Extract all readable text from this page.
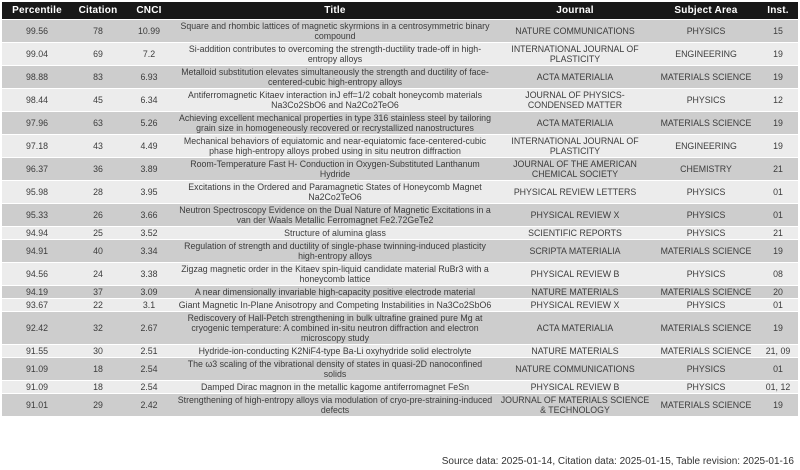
Percentile	Citation	CNCI	Title	Journal	Subject Area	Inst.
99.56	78	10.99	Square and rhombic lattices of magnetic skyrmions in a centrosymmetric binary compound	NATURE COMMUNICATIONS	PHYSICS	15
99.04	69	7.2	Si-addition contributes to overcoming the strength-ductility trade-off in high-entropy alloys	INTERNATIONAL JOURNAL OF PLASTICITY	ENGINEERING	19
98.88	83	6.93	Metalloid substitution elevates simultaneously the strength and ductility of face-centered-cubic high-entropy alloys	ACTA MATERIALIA	MATERIALS SCIENCE	19
98.44	45	6.34	Antiferromagnetic Kitaev interaction inJ eff=1/2 cobalt honeycomb materials Na3Co2SbO6 and Na2Co2TeO6	JOURNAL OF PHYSICS-CONDENSED MATTER	PHYSICS	12
97.96	63	5.26	Achieving excellent mechanical properties in type 316 stainless steel by tailoring grain size in homogeneously recovered or recrystallized nanostructures	ACTA MATERIALIA	MATERIALS SCIENCE	19
97.18	43	4.49	Mechanical behaviors of equiatomic and near-equiatomic face-centered-cubic phase high-entropy alloys probed using in situ neutron diffraction	INTERNATIONAL JOURNAL OF PLASTICITY	ENGINEERING	19
96.37	36	3.89	Room-Temperature Fast H- Conduction in Oxygen-Substituted Lanthanum Hydride	JOURNAL OF THE AMERICAN CHEMICAL SOCIETY	CHEMISTRY	21
95.98	28	3.95	Excitations in the Ordered and Paramagnetic States of Honeycomb Magnet Na2Co2TeO6	PHYSICAL REVIEW LETTERS	PHYSICS	01
95.33	26	3.66	Neutron Spectroscopy Evidence on the Dual Nature of Magnetic Excitations in a van der Waals Metallic Ferromagnet Fe2.72GeTe2	PHYSICAL REVIEW X	PHYSICS	01
94.94	25	3.52	Structure of alumina glass	SCIENTIFIC REPORTS	PHYSICS	21
94.91	40	3.34	Regulation of strength and ductility of single-phase twinning-induced plasticity high-entropy alloys	SCRIPTA MATERIALIA	MATERIALS SCIENCE	19
94.56	24	3.38	Zigzag magnetic order in the Kitaev spin-liquid candidate material RuBr3 with a honeycomb lattice	PHYSICAL REVIEW B	PHYSICS	08
94.19	37	3.09	A near dimensionally invariable high-capacity positive electrode material	NATURE MATERIALS	MATERIALS SCIENCE	20
93.67	22	3.1	Giant Magnetic In-Plane Anisotropy and Competing Instabilities in Na3Co2SbO6	PHYSICAL REVIEW X	PHYSICS	01
92.42	32	2.67	Rediscovery of Hall-Petch strengthening in bulk ultrafine grained pure Mg at cryogenic temperature: A combined in-situ neutron diffraction and electron microscopy study	ACTA MATERIALIA	MATERIALS SCIENCE	19
91.55	30	2.51	Hydride-ion-conducting K2NiF4-type Ba-Li oxyhydride solid electrolyte	NATURE MATERIALS	MATERIALS SCIENCE	21, 09
91.09	18	2.54	The ω3 scaling of the vibrational density of states in quasi-2D nanoconfined solids	NATURE COMMUNICATIONS	PHYSICS	01
91.09	18	2.54	Damped Dirac magnon in the metallic kagome antiferromagnet FeSn	PHYSICAL REVIEW B	PHYSICS	01, 12
91.01	29	2.42	Strengthening of high-entropy alloys via modulation of cryo-pre-straining-induced defects	JOURNAL OF MATERIALS SCIENCE & TECHNOLOGY	MATERIALS SCIENCE	19
Source data: 2025-01-14, Citation data: 2025-01-15, Table revision: 2025-01-16
